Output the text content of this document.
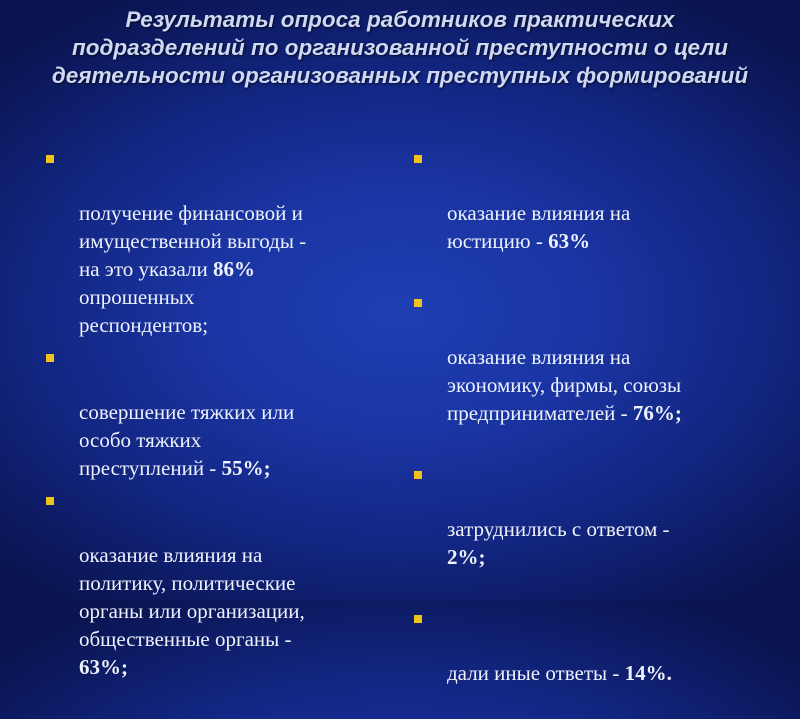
Результаты опроса работников практических подразделений по организованной преступности о цели деятельности организованных преступных формирований

получение финансовой и
имущественной выгоды -
на это указали 86%
опрошенных
респондентов;

совершение тяжких или
особо тяжких
преступлений - 55%;

оказание влияния на
политику, политические
органы или организации,
общественные органы -
63%;

оказание влияния на
юстицию - 63%

оказание влияния на
экономику, фирмы, союзы
предпринимателей - 76%;

затруднились с ответом -
2%;

дали иные ответы - 14%.
